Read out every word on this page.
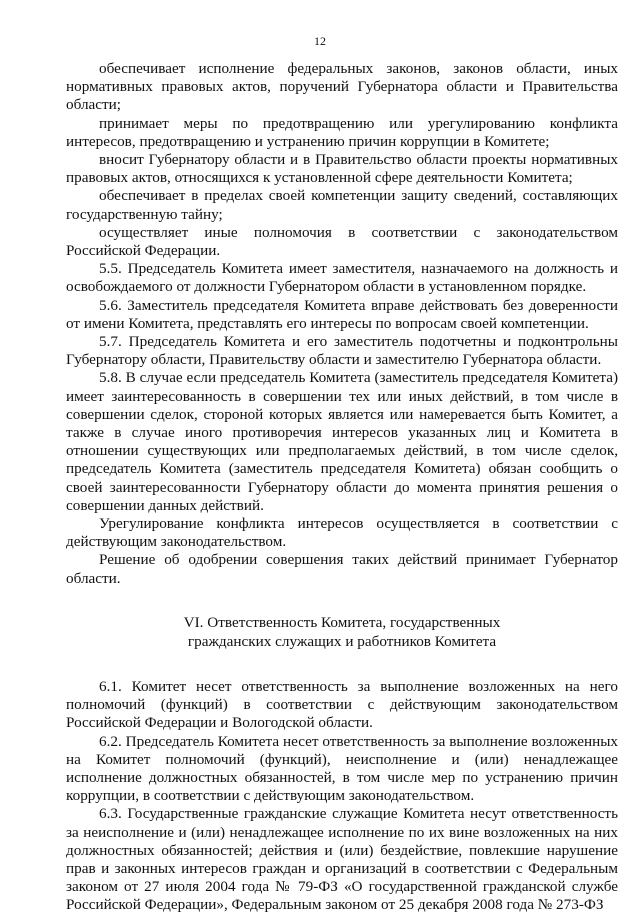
12

обеспечивает исполнение федеральных законов, законов области, иных нормативных правовых актов, поручений Губернатора области и Правительства области;

принимает меры по предотвращению или урегулированию конфликта интересов, предотвращению и устранению причин коррупции в Комитете;

вносит Губернатору области и в Правительство области проекты нормативных правовых актов, относящихся к установленной сфере деятельности Комитета;

обеспечивает в пределах своей компетенции защиту сведений, составляющих государственную тайну;

осуществляет иные полномочия в соответствии с законодательством Российской Федерации.

5.5. Председатель Комитета имеет заместителя, назначаемого на должность и освобождаемого от должности Губернатором области в установленном порядке.

5.6. Заместитель председателя Комитета вправе действовать без доверенности от имени Комитета, представлять его интересы по вопросам своей компетенции.

5.7. Председатель Комитета и его заместитель подотчетны и подконтрольны Губернатору области, Правительству области и заместителю Губернатора области.

5.8. В случае если председатель Комитета (заместитель председателя Комитета) имеет заинтересованность в совершении тех или иных действий, в том числе в совершении сделок, стороной которых является или намеревается быть Комитет, а также в случае иного противоречия интересов указанных лиц и Комитета в отношении существующих или предполагаемых действий, в том числе сделок, председатель Комитета (заместитель председателя Комитета) обязан сообщить о своей заинтересованности Губернатору области до момента принятия решения о совершении данных действий.

Урегулирование конфликта интересов осуществляется в соответствии с действующим законодательством.

Решение об одобрении совершения таких действий принимает Губернатор области.

VI. Ответственность Комитета, государственных
гражданских служащих и работников Комитета

6.1. Комитет несет ответственность за выполнение возложенных на него полномочий (функций) в соответствии с действующим законодательством Российской Федерации и Вологодской области.

6.2. Председатель Комитета несет ответственность за выполнение возложенных на Комитет полномочий (функций), неисполнение и (или) ненадлежащее исполнение должностных обязанностей, в том числе мер по устранению причин коррупции, в соответствии с действующим законодательством.

6.3. Государственные гражданские служащие Комитета несут ответственность за неисполнение и (или) ненадлежащее исполнение по их вине возложенных на них должностных обязанностей; действия и (или) бездействие, повлекшие нарушение прав и законных интересов граждан и организаций в соответствии с Федеральным законом от 27 июля 2004 года № 79-ФЗ «О государственной гражданской службе Российской Федерации», Федеральным законом от 25 декабря 2008 года № 273-ФЗ
